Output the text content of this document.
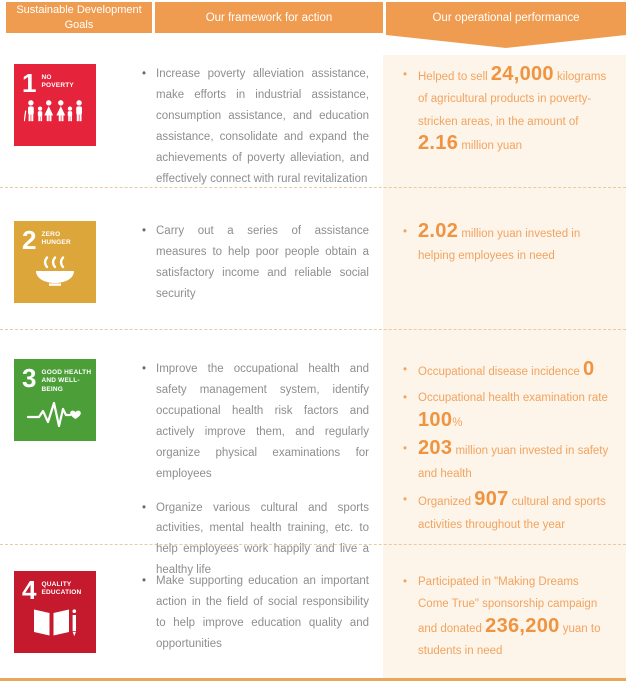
Sustainable Development Goals
Our framework for action	Our operational performance
1 NO
POVERTY
• Increase poverty alleviation assistance, make efforts in industrial assistance, consumption assistance, and education assistance, consolidate and expand the achievements of poverty alleviation, and effectively connect with rural revitalization
• Helped to sell 24,000 kilograms of agricultural products in poverty-stricken areas, in the amount of 2.16 million yuan
2 ZERO
HUNGER
• Carry out a series of assistance measures to help poor people obtain a satisfactory income and reliable social security
• 2.02 million yuan invested in helping employees in need
3 GOOD HEALTH
AND WELL-BEING
• Improve the occupational health and safety management system, identify occupational health risk factors and actively improve them, and regularly organize physical examinations for employees
• Organize various cultural and sports activities, mental health training, etc. to help employees work happily and live a healthy life
• Occupational disease incidence 0
• Occupational health examination rate 100%
• 203 million yuan invested in safety and health
• Organized 907 cultural and sports activities throughout the year
4 QUALITY
EDUCATION
• Make supporting education an important action in the field of social responsibility to help improve education quality and opportunities
• Participated in "Making Dreams Come True" sponsorship campaign and donated 236,200 yuan to students in need
